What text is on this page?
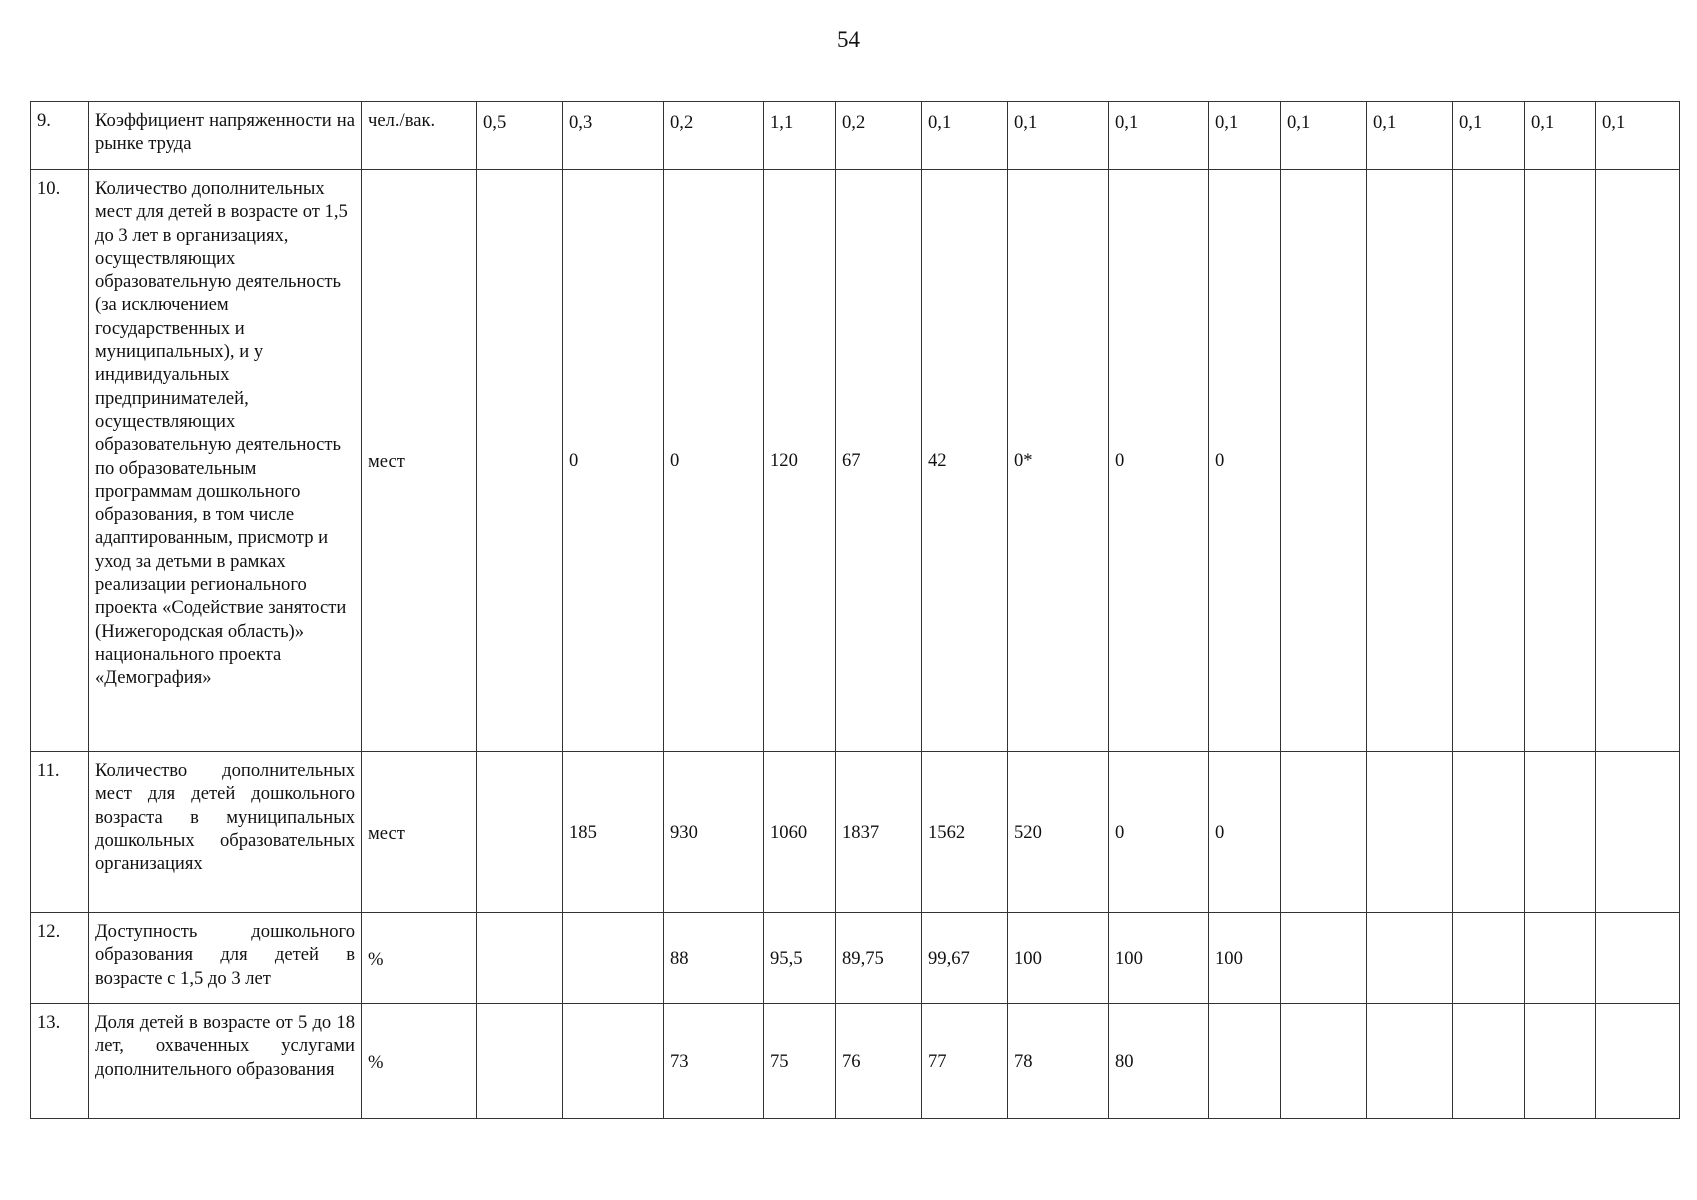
54
9.	Коэффициент напряженности на рынке труда	чел./вак.	0,5	0,3	0,2	1,1	0,2	0,1	0,1	0,1	0,1	0,1	0,1	0,1	0,1	0,1
10.	Количество дополнительных мест для детей в возрасте от 1,5 до 3 лет в организациях, осуществляющих образовательную деятельность (за исключением государственных и муниципальных), и у индивидуальных предпринимателей, осуществляющих образовательную деятельность по образовательным программам дошкольного образования, в том числе адаптированным, присмотр и уход за детьми в рамках реализации регионального проекта «Содействие занятости (Нижегородская область)» национального проекта «Демография»	мест		0	0	120	67	42	0*	0	0					
11.	Количество дополнительных мест для детей дошкольного возраста в муниципальных дошкольных образовательных организациях	мест		185	930	1060	1837	1562	520	0	0					
12.	Доступность дошкольного образования для детей в возрасте с 1,5 до 3 лет	%			88	95,5	89,75	99,67	100	100	100					
13.	Доля детей в возрасте от 5 до 18 лет, охваченных услугами дополнительного образования	%			73	75	76	77	78	80						
